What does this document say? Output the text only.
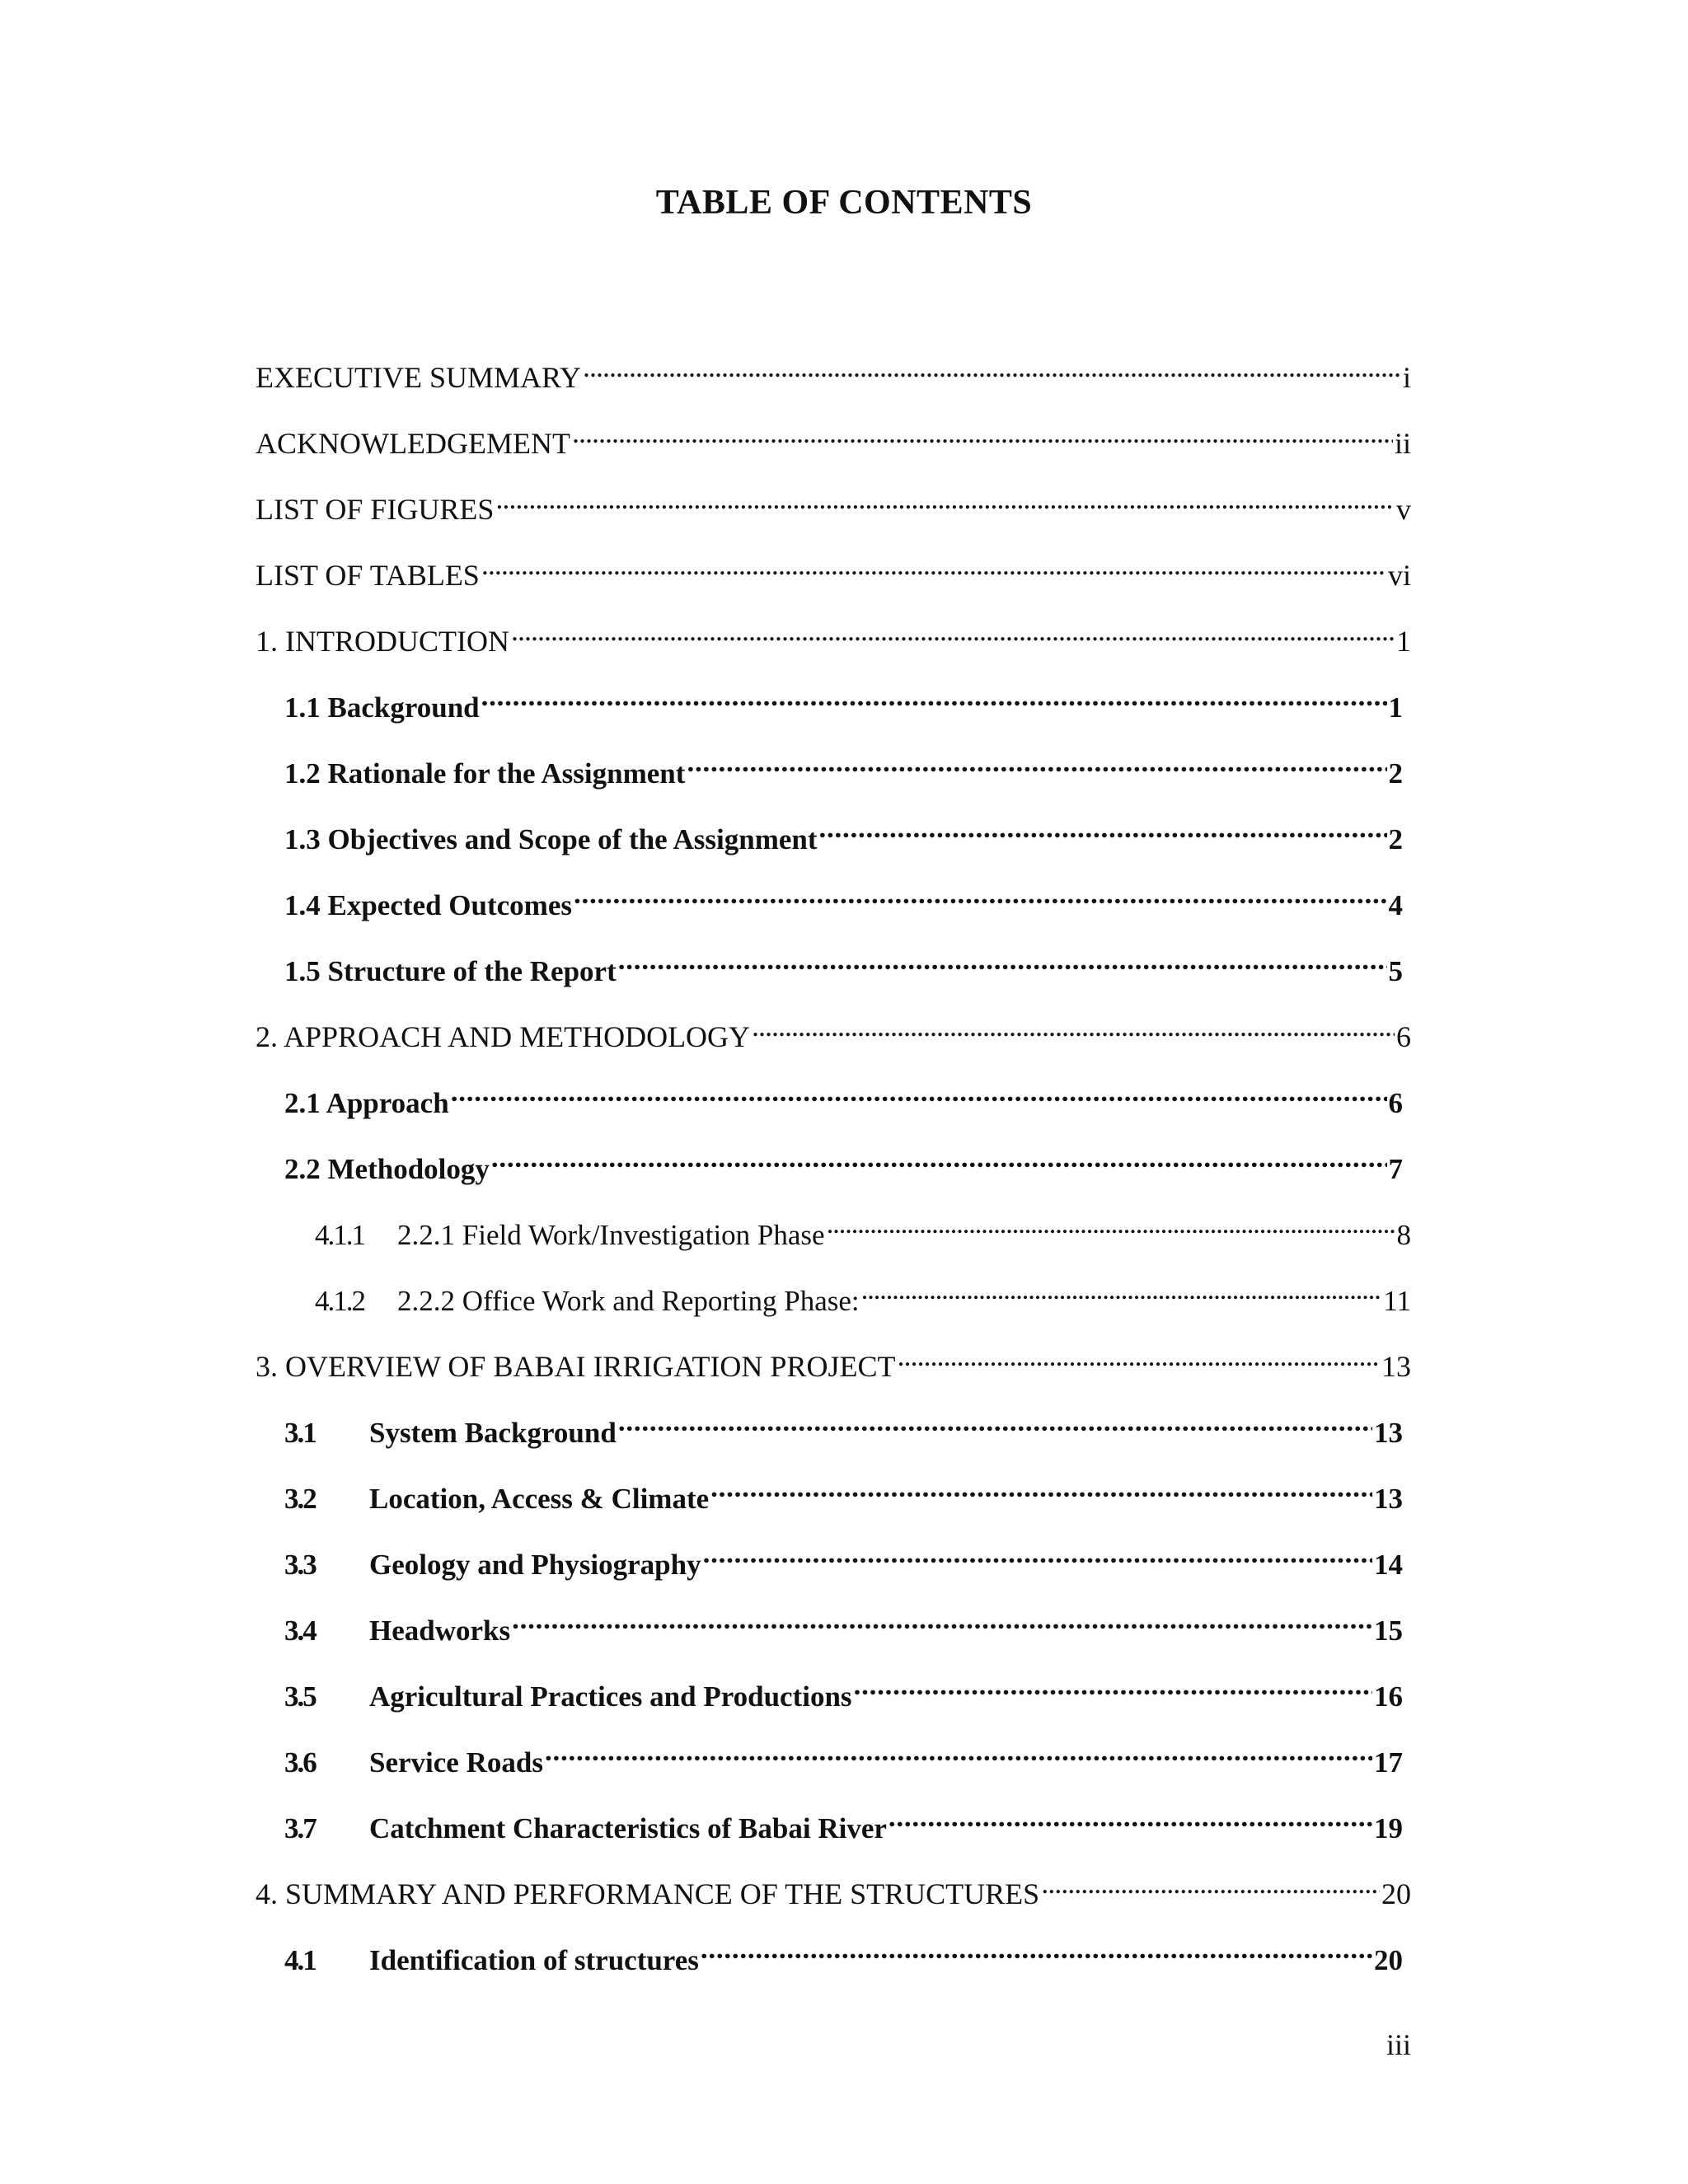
TABLE OF CONTENTS
EXECUTIVE SUMMARY . . .	i
ACKNOWLEDGEMENT . . .	ii
LIST OF FIGURES . . .	v
LIST OF TABLES . . .	vi
1. INTRODUCTION . . .	1
1.1 Background . . .	1
1.2 Rationale for the Assignment . . .	2
1.3 Objectives and Scope of the Assignment . . .	2
1.4 Expected Outcomes . . .	4
1.5 Structure of the Report . . .	5
2. APPROACH AND METHODOLOGY . . .	6
2.1 Approach . . .	6
2.2 Methodology . . .	7
4.1.1	2.2.1 Field Work/Investigation Phase . . .	8
4.1.2	2.2.2 Office Work and Reporting Phase: . . .	11
3. OVERVIEW OF BABAI IRRIGATION PROJECT . . .	13
3.1	System Background . . .	13
3.2	Location, Access & Climate . . .	13
3.3	Geology and Physiography . . .	14
3.4	Headworks . . .	15
3.5	Agricultural Practices and Productions . . .	16
3.6	Service Roads . . .	17
3.7	Catchment Characteristics of Babai River . . .	19
4. SUMMARY AND PERFORMANCE OF THE STRUCTURES . . .	20
4.1	Identification of structures . . .	20
iii
